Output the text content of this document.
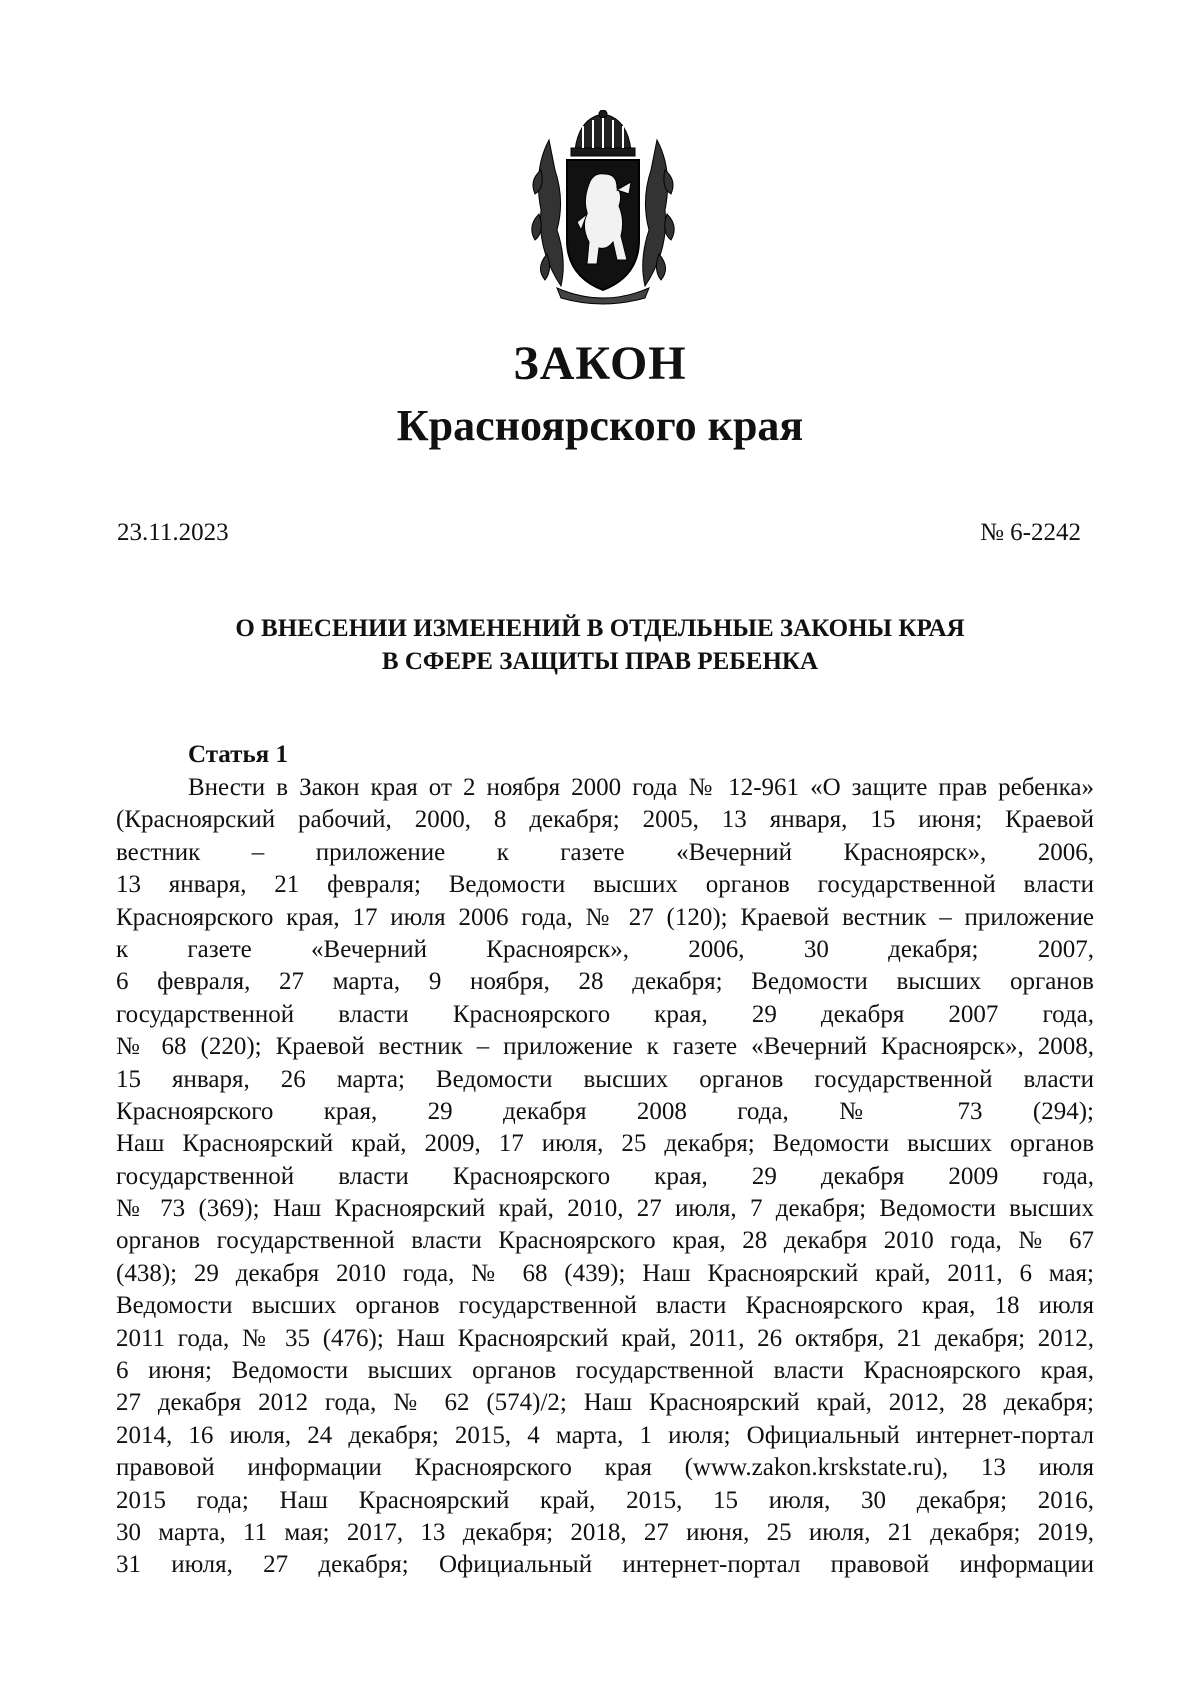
ЗАКОН
Красноярского края
23.11.2023	№ 6-2242
О ВНЕСЕНИИ ИЗМЕНЕНИЙ В ОТДЕЛЬНЫЕ ЗАКОНЫ КРАЯ
В СФЕРЕ ЗАЩИТЫ ПРАВ РЕБЕНКА
Статья 1
Внести в Закон края от 2 ноября 2000 года № 12-961 «О защите прав ребенка»
(Красноярский рабочий, 2000, 8 декабря; 2005, 13 января, 15 июня; Краевой
вестник – приложение к газете «Вечерний Красноярск», 2006,
13 января, 21 февраля; Ведомости высших органов государственной власти
Красноярского края, 17 июля 2006 года, № 27 (120); Краевой вестник – приложение
к газете «Вечерний Красноярск», 2006, 30 декабря; 2007,
6 февраля, 27 марта, 9 ноября, 28 декабря; Ведомости высших органов
государственной власти Красноярского края, 29 декабря 2007 года,
№ 68 (220); Краевой вестник – приложение к газете «Вечерний Красноярск», 2008,
15 января, 26 марта; Ведомости высших органов государственной власти
Красноярского края, 29 декабря 2008 года, № 73 (294);
Наш Красноярский край, 2009, 17 июля, 25 декабря; Ведомости высших органов
государственной власти Красноярского края, 29 декабря 2009 года,
№ 73 (369); Наш Красноярский край, 2010, 27 июля, 7 декабря; Ведомости высших
органов государственной власти Красноярского края, 28 декабря 2010 года, № 67
(438); 29 декабря 2010 года, № 68 (439); Наш Красноярский край, 2011, 6 мая;
Ведомости высших органов государственной власти Красноярского края, 18 июля
2011 года, № 35 (476); Наш Красноярский край, 2011, 26 октября, 21 декабря; 2012,
6 июня; Ведомости высших органов государственной власти Красноярского края,
27 декабря 2012 года, № 62 (574)/2; Наш Красноярский край, 2012, 28 декабря;
2014, 16 июля, 24 декабря; 2015, 4 марта, 1 июля; Официальный интернет-портал
правовой информации Красноярского края (www.zakon.krskstate.ru), 13 июля
2015 года; Наш Красноярский край, 2015, 15 июля, 30 декабря; 2016,
30 марта, 11 мая; 2017, 13 декабря; 2018, 27 июня, 25 июля, 21 декабря; 2019,
31 июля, 27 декабря; Официальный интернет-портал правовой информации
